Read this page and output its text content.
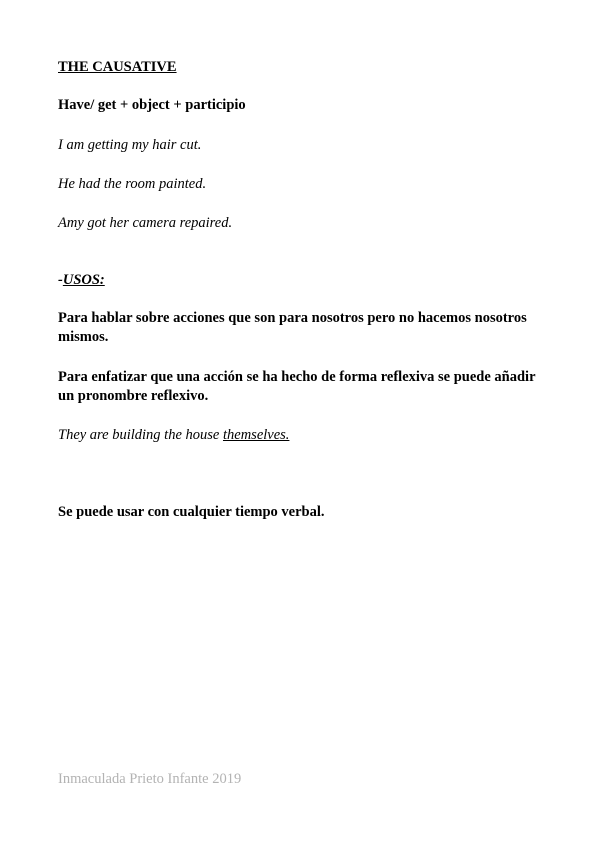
THE CAUSATIVE
Have/ get + object + participio
I am getting my hair cut.
He had the room painted.
Amy got her camera repaired.
-USOS:
Para hablar sobre acciones que son para nosotros pero no hacemos nosotros mismos.
Para enfatizar que una acción se ha hecho de forma reflexiva se puede añadir un pronombre reflexivo.
They are building the house themselves.
Se puede usar con cualquier tiempo verbal.
Inmaculada Prieto Infante 2019
